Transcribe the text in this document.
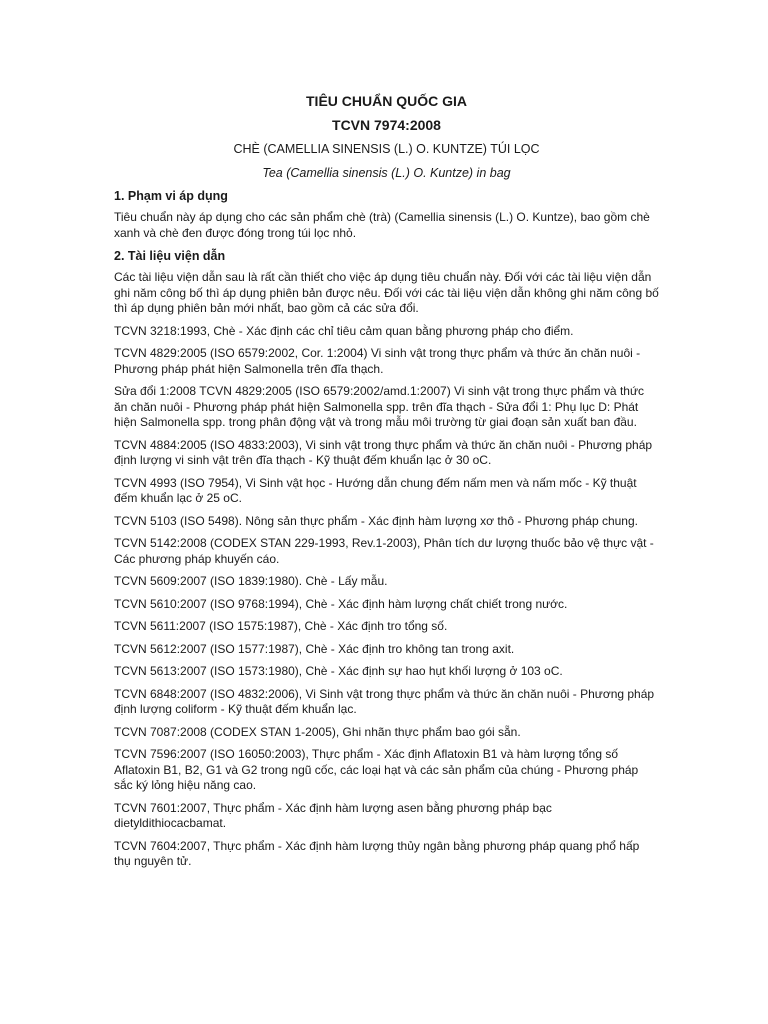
TIÊU CHUẨN QUỐC GIA
TCVN 7974:2008
CHÈ (CAMELLIA SINENSIS (L.) O. KUNTZE) TÚI LỌC
Tea (Camellia sinensis (L.) O. Kuntze) in bag
1. Phạm vi áp dụng
Tiêu chuẩn này áp dụng cho các sản phẩm chè (trà) (Camellia sinensis (L.) O. Kuntze), bao gồm chè xanh và chè đen được đóng trong túi lọc nhỏ.
2. Tài liệu viện dẫn
Các tài liệu viện dẫn sau là rất cần thiết cho việc áp dụng tiêu chuẩn này. Đối với các tài liệu viện dẫn ghi năm công bố thì áp dụng phiên bản được nêu. Đối với các tài liệu viện dẫn không ghi năm công bố thì áp dụng phiên bản mới nhất, bao gồm cả các sửa đổi.
TCVN 3218:1993, Chè - Xác định các chỉ tiêu cảm quan bằng phương pháp cho điểm.
TCVN 4829:2005 (ISO 6579:2002, Cor. 1:2004) Vi sinh vật trong thực phẩm và thức ăn chăn nuôi - Phương pháp phát hiện Salmonella trên đĩa thạch.
Sửa đổi 1:2008 TCVN 4829:2005 (ISO 6579:2002/amd.1:2007) Vi sinh vật trong thực phẩm và thức ăn chăn nuôi - Phương pháp phát hiện Salmonella spp. trên đĩa thạch - Sửa đổi 1: Phụ lục D: Phát hiện Salmonella spp. trong phân động vật và trong mẫu môi trường từ giai đoạn sản xuất ban đầu.
TCVN 4884:2005 (ISO 4833:2003), Vi sinh vật trong thực phẩm và thức ăn chăn nuôi - Phương pháp định lượng vi sinh vật trên đĩa thạch - Kỹ thuật đếm khuẩn lạc ở 30 oC.
TCVN 4993 (ISO 7954), Vi Sinh vật học - Hướng dẫn chung đếm nấm men và nấm mốc - Kỹ thuật đếm khuẩn lạc ở 25 oC.
TCVN 5103 (ISO 5498). Nông sản thực phẩm - Xác định hàm lượng xơ thô - Phương pháp chung.
TCVN 5142:2008 (CODEX STAN 229-1993, Rev.1-2003), Phân tích dư lượng thuốc bảo vệ thực vật - Các phương pháp khuyến cáo.
TCVN 5609:2007 (ISO 1839:1980). Chè - Lấy mẫu.
TCVN 5610:2007 (ISO 9768:1994), Chè - Xác định hàm lượng chất chiết trong nước.
TCVN 5611:2007 (ISO 1575:1987), Chè - Xác định tro tổng số.
TCVN 5612:2007 (ISO 1577:1987), Chè - Xác định tro không tan trong axit.
TCVN 5613:2007 (ISO 1573:1980), Chè - Xác định sự hao hụt khối lượng ở 103 oC.
TCVN 6848:2007 (ISO 4832:2006), Vi Sinh vật trong thực phẩm và thức ăn chăn nuôi - Phương pháp định lượng coliform - Kỹ thuật đếm khuẩn lạc.
TCVN 7087:2008 (CODEX STAN 1-2005), Ghi nhãn thực phẩm bao gói sẵn.
TCVN 7596:2007 (ISO 16050:2003), Thực phẩm - Xác định Aflatoxin B1 và hàm lượng tổng số Aflatoxin B1, B2, G1 và G2 trong ngũ cốc, các loại hạt và các sản phẩm của chúng - Phương pháp sắc ký lỏng hiệu năng cao.
TCVN 7601:2007, Thực phẩm - Xác định hàm lượng asen bằng phương pháp bạc dietyldithiocacbamat.
TCVN 7604:2007, Thực phẩm - Xác định hàm lượng thủy ngân bằng phương pháp quang phổ hấp thụ nguyên tử.
